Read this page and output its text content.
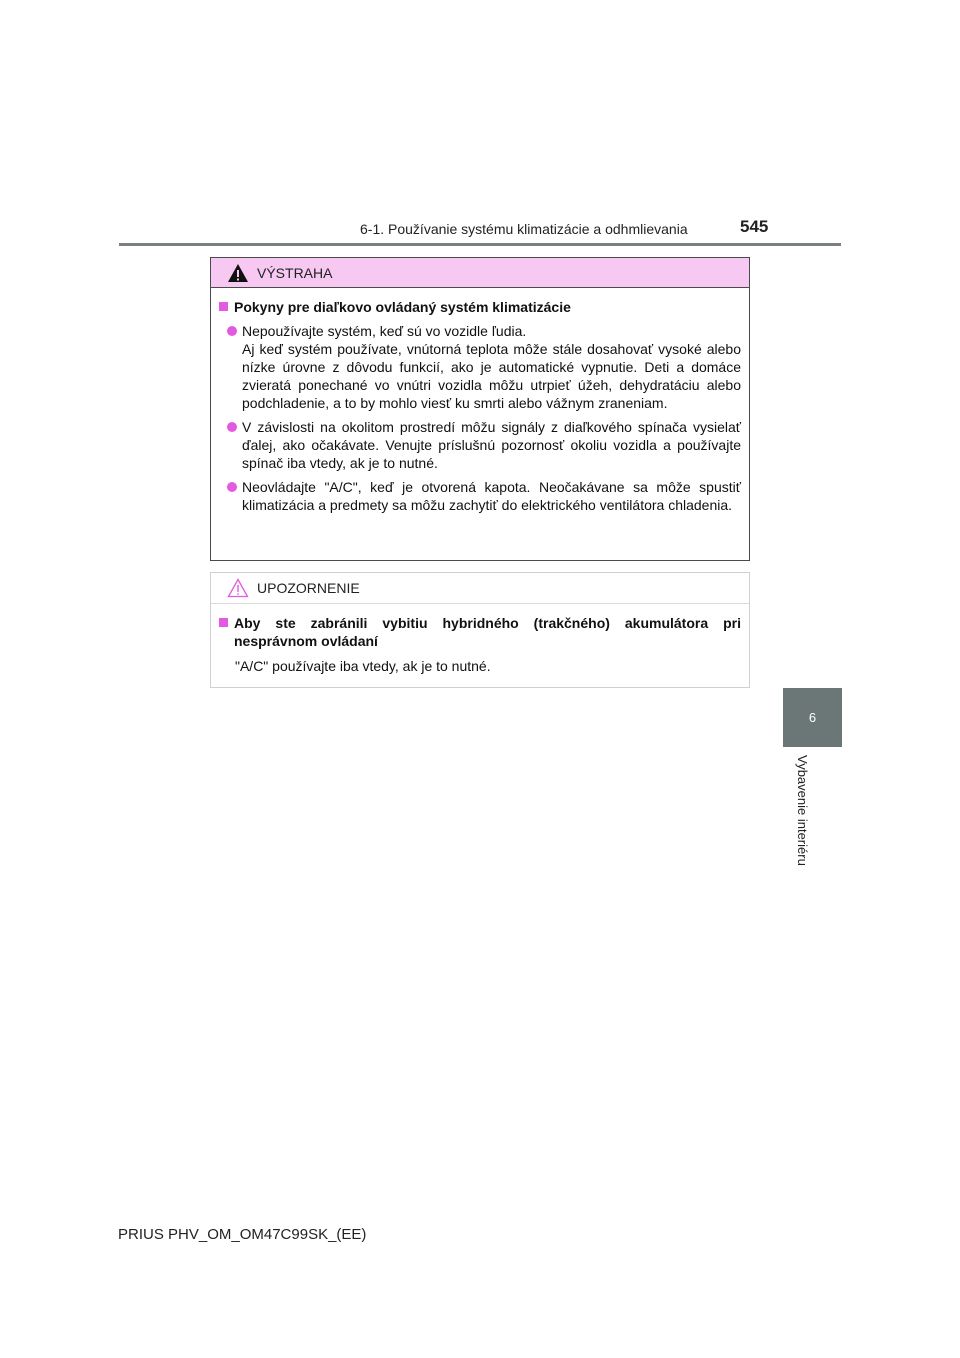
6-1. Používanie systému klimatizácie a odhmlievania	545
6
Vybavenie interiéru
VÝSTRAHA
Pokyny pre diaľkovo ovládaný systém klimatizácie

Nepoužívajte systém, keď sú vo vozidle ľudia.

Aj keď systém používate, vnútorná teplota môže stále dosahovať vysoké alebo nízke úrovne z dôvodu funkcií, ako je automatické vypnutie. Deti a domáce zvieratá ponechané vo vnútri vozidla môžu utrpieť úžeh, dehydratáciu alebo podchladenie, a to by mohlo viesť ku smrti alebo vážnym zraneniam.

V závislosti na okolitom prostredí môžu signály z diaľkového spínača vysielať ďalej, ako očakávate. Venujte príslušnú pozornosť okoliu vozidla a používajte spínač iba vtedy, ak je to nutné.

Neovládajte "A/C", keď je otvorená kapota. Neočakávane sa môže spustiť klimatizácia a predmety sa môžu zachytiť do elektrického ventilátora chladenia.

UPOZORNENIE
Aby ste zabránili vybitiu hybridného (trakčného) akumulátora pri nesprávnom ovládaní
"A/C" používajte iba vtedy, ak je to nutné.
PRIUS PHV_OM_OM47C99SK_(EE)
